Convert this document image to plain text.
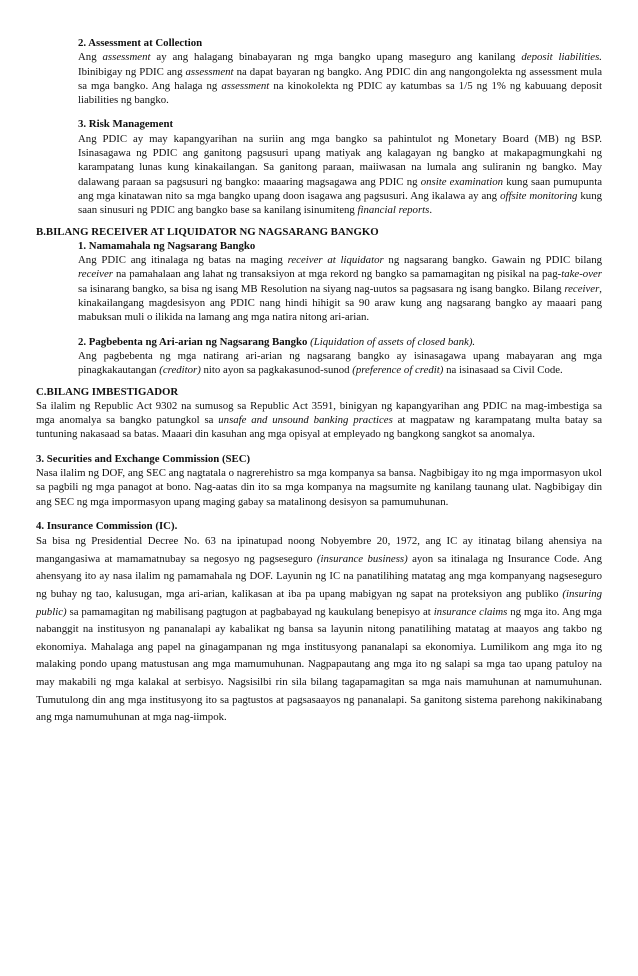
2. Assessment at Collection

Ang assessment ay ang halagang binabayaran ng mga bangko upang maseguro ang kanilang deposit liabilities. Ibinibigay ng PDIC ang assessment na dapat bayaran ng bangko. Ang PDIC din ang nangongolekta ng assessment mula sa mga bangko. Ang halaga ng assessment na kinokolekta ng PDIC ay katumbas sa 1/5 ng 1% ng kabuuang deposit liabilities ng bangko.

3. Risk Management

Ang PDIC ay may kapangyarihan na suriin ang mga bangko sa pahintulot ng Monetary Board (MB) ng BSP. Isinasagawa ng PDIC ang ganitong pagsusuri upang matiyak ang kalagayan ng bangko at makapagmungkahi ng karampatang lunas kung kinakailangan. Sa ganitong paraan, maiiwasan na lumala ang suliranin ng bangko. May dalawang paraan sa pagsusuri ng bangko: maaaring magsagawa ang PDIC ng onsite examination kung saan pumupunta ang mga kinatawan nito sa mga bangko upang doon isagawa ang pagsusuri. Ang ikalawa ay ang offsite monitoring kung saan sinusuri ng PDIC ang bangko base sa kanilang isinumiteng financial reports.

B.BILANG RECEIVER AT LIQUIDATOR NG NAGSARANG BANGKO

1. Namamahala ng Nagsarang Bangko

Ang PDIC ang itinalaga ng batas na maging receiver at liquidator ng nagsarang bangko. Gawain ng PDIC bilang receiver na pamahalaan ang lahat ng transaksiyon at mga rekord ng bangko sa pamamagitan ng pisikal na pag-take-over sa isinarang bangko, sa bisa ng isang MB Resolution na siyang nag-uutos sa pagsasara ng isang bangko. Bilang receiver, kinakailangang magdesisyon ang PDIC nang hindi hihigit sa 90 araw kung ang nagsarang bangko ay maaari pang mabuksan muli o ilikida na lamang ang mga natira nitong ari-arian.

2. Pagbebenta ng Ari-arian ng Nagsarang Bangko (Liquidation of assets of closed bank).

Ang pagbebenta ng mga natirang ari-arian ng nagsarang bangko ay isinasagawa upang mabayaran ang mga pinagkakautangan (creditor) nito ayon sa pagkakasunod-sunod (preference of credit) na isinasaad sa Civil Code.

C.BILANG IMBESTIGADOR

Sa ilalim ng Republic Act 9302 na sumusog sa Republic Act 3591, binigyan ng kapangyarihan ang PDIC na mag-imbestiga sa mga anomalya sa bangko patungkol sa unsafe and unsound banking practices at magpataw ng karampatang multa batay sa tuntuning nakasaad sa batas. Maaari din kasuhan ang mga opisyal at empleyado ng bangkong sangkot sa anomalya.

3. Securities and Exchange Commission (SEC)

Nasa ilalim ng DOF, ang SEC ang nagtatala o nagrerehistro sa mga kompanya sa bansa. Nagbibigay ito ng mga impormasyon ukol sa pagbili ng mga panagot at bono. Nag-aatas din ito sa mga kompanya na magsumite ng kanilang taunang ulat. Nagbibigay din ang SEC ng mga impormasyon upang maging gabay sa matalinong desisyon sa pamumuhunan.

4. Insurance Commission (IC).

Sa bisa ng Presidential Decree No. 63 na ipinatupad noong Nobyembre 20, 1972, ang IC ay itinatag bilang ahensiya na mangangasiwa at mamamatnubay sa negosyo ng pagseseguro (insurance business) ayon sa itinalaga ng Insurance Code. Ang ahensyang ito ay nasa ilalim ng pamamahala ng DOF. Layunin ng IC na panatilihing matatag ang mga kompanyang nagseseguro ng buhay ng tao, kalusugan, mga ari-arian, kalikasan at iba pa upang mabigyan ng sapat na proteksiyon ang publiko (insuring public) sa pamamagitan ng mabilisang pagtugon at pagbabayad ng kaukulang benepisyo at insurance claims ng mga ito. Ang mga nabanggit na institusyon ng pananalapi ay kabalikat ng bansa sa layunin nitong panatilihing matatag at maayos ang takbo ng ekonomiya. Mahalaga ang papel na ginagampanan ng mga institusyong pananalapi sa ekonomiya. Lumilikom ang mga ito ng malaking pondo upang matustusan ang mga mamumuhunan. Nagpapautang ang mga ito ng salapi sa mga tao upang patuloy na may makabili ng mga kalakal at serbisyo. Nagsisilbi rin sila bilang tagapamagitan sa mga nais mamuhunan at namumuhunan. Tumutulong din ang mga institusyong ito sa pagtustos at pagsasaayos ng pananalapi. Sa ganitong sistema parehong nakikinabang ang mga namumuhunan at mga nag-iimpok.
